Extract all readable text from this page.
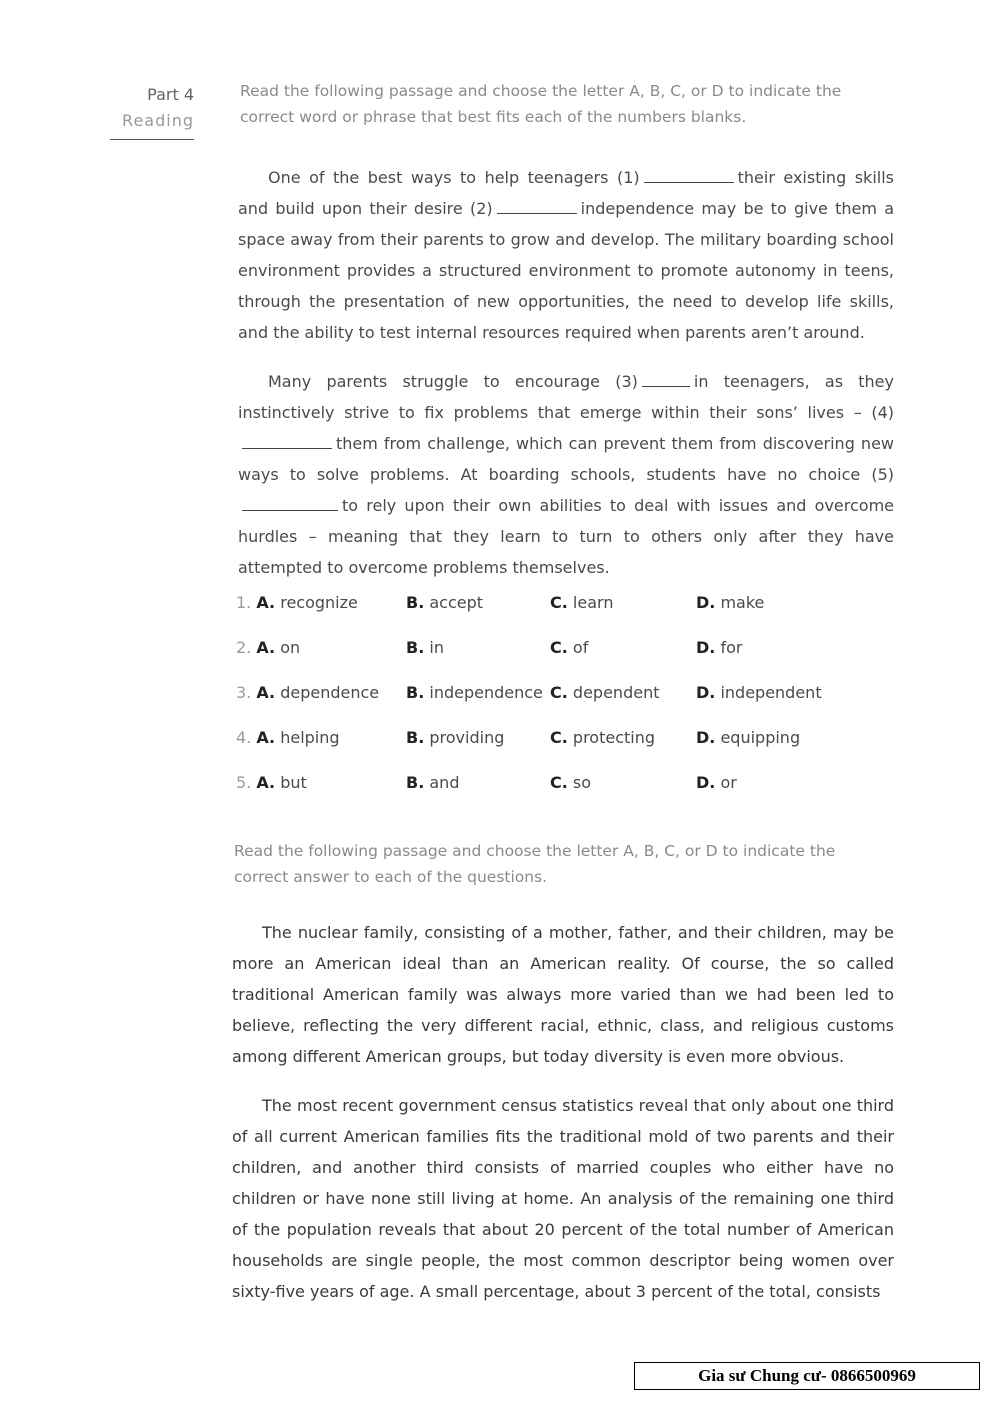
Part 4
Reading
Read the following passage and choose the letter A, B, C, or D to indicate the correct word or phrase that best fits each of the numbers blanks.

One of the best ways to help teenagers (1)	their existing skills and build upon their desire (2)	independence may be to give them a space away from their parents to grow and develop. The military boarding school environment provides a structured environment to promote autonomy in teens, through the presentation of new opportunities, the need to develop life skills, and the ability to test internal resources required when parents aren’t around.

Many parents struggle to encourage (3)	in teenagers, as they instinctively strive to fix problems that emerge within their sons’ lives – (4)them from challenge, which can prevent them from discovering new ways to solve problems. At boarding schools, students have no choice (5)to rely upon their own abilities to deal with issues and overcome hurdles – meaning that they learn to turn to others only after they have attempted to overcome problems themselves.

1. A. recognize	B. accept	C. learn	D. make
2. A. on	B. in	C. of	D. for
3. A. dependence B. independence C. dependent D. independent
4. A. helping	B. providing	C. protecting	D. equipping
5. A. but	B. and	C. so	D. or
Read the following passage and choose the letter A, B, C, or D to indicate the correct answer to each of the questions.

The nuclear family, consisting of a mother, father, and their children, may be more an American ideal than an American reality. Of course, the so called traditional American family was always more varied than we had been led to believe, reflecting the very different racial, ethnic, class, and religious customs among different American groups, but today diversity is even more obvious.

The most recent government census statistics reveal that only about one third of all current American families fits the traditional mold of two parents and their children, and another third consists of married couples who either have no children or have none still living at home. An analysis of the remaining one third of the population reveals that about 20 percent of the total number of American households are single people, the most common descriptor being women over sixty-five years of age. A small percentage, about 3 percent of the total, consists

Gia sư Chung cư- 0866500969
